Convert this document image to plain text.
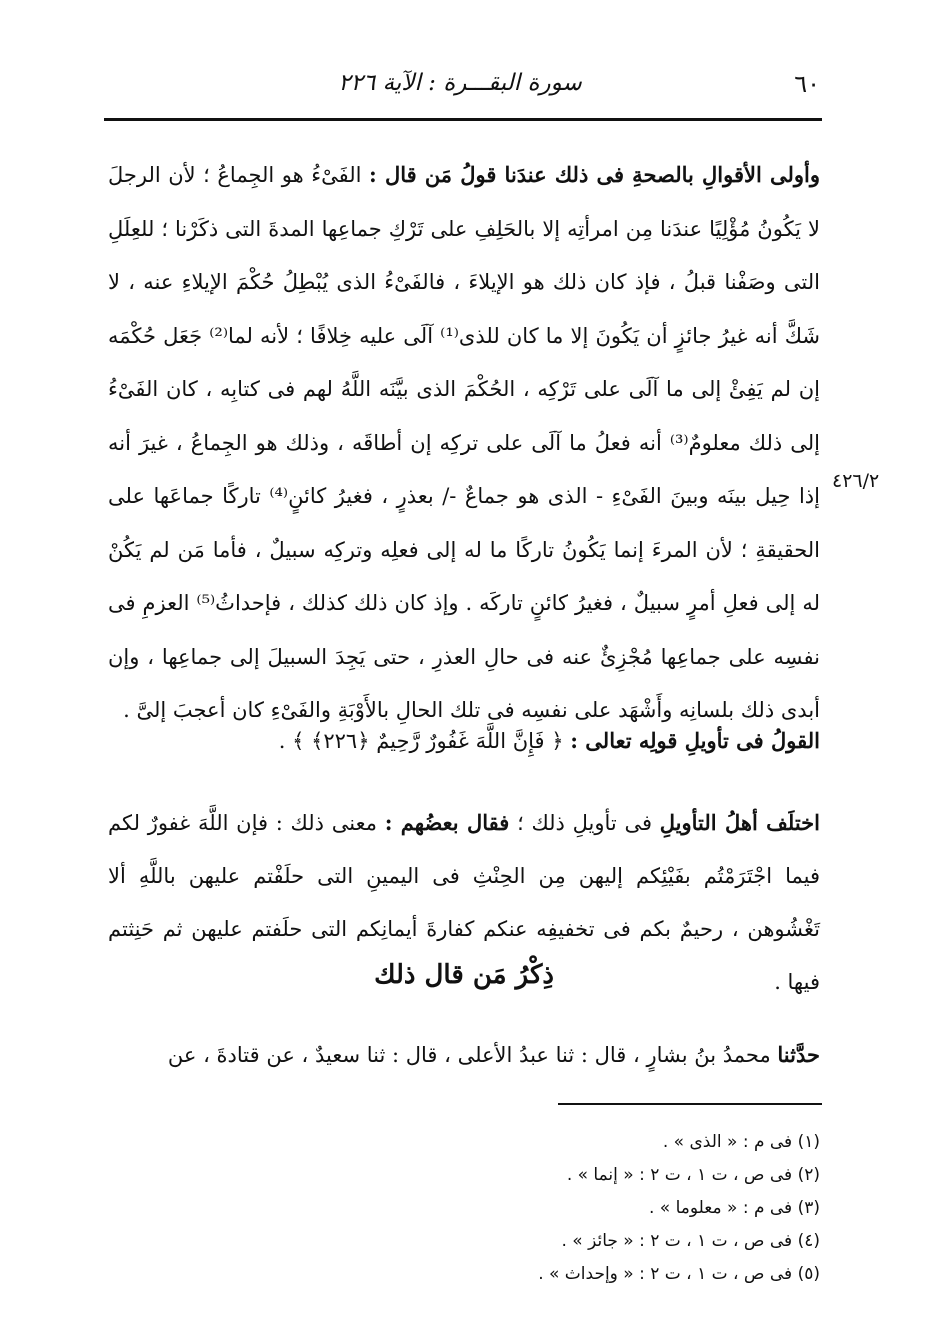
٦٠
سورة البقـــرة : الآية ٢٢٦

وأولى الأقوالِ بالصحةِ فى ذلك عندَنا قولُ مَن قال : الفَىْءُ هو الجِماعُ ؛ لأن الرجلَ لا يَكُونُ مُؤْلِيًا عندَنا مِن امرأتِه إلا بالحَلِفِ على تَرْكِ جماعِها المدةَ التى ذكَرْنا ؛ للعِلَلِ التى وصَفْنا قبلُ ، فإذ كان ذلك هو الإيلاءَ ، فالفَىْءُ الذى يُبْطِلُ حُكْمَ الإيلاءِ عنه ، لا شَكَّ أنه غيرُ جائزٍ أن يَكُونَ إلا ما كان للذى⁽¹⁾ آلَى عليه خِلافًا ؛ لأنه لما⁽²⁾ جَعَل حُكْمَه إن لم يَفِئْ إلى ما آلَى على تَرْكِه ، الحُكْمَ الذى بيَّنَه اللَّهُ لهم فى كتابِه ، كان الفَىْءُ إلى ذلك معلومٌ⁽³⁾ أنه فعلُ ما آلَى على تركِه إن أطاقَه ، وذلك هو الجِماعُ ، غيرَ أنه إذا حِيل بينَه وبينَ الفَىْءِ - الذى هو جماعٌ -/ بعذرٍ ، فغيرُ كائنٍ⁽⁴⁾ تاركًا جماعَها على الحقيقةِ ؛ لأن المرءَ إنما يَكُونُ تاركًا ما له إلى فعلِه وتركِه سبيلٌ ، فأما مَن لم يَكُنْ له إلى فعلِ أمرٍ سبيلٌ ، فغيرُ كائنٍ تاركَه . وإذ كان ذلك كذلك ، فإحداثُ⁽⁵⁾ العزمِ فى نفسِه على جماعِها مُجْزِئٌ عنه فى حالِ العذرِ ، حتى يَجِدَ السبيلَ إلى جماعِها ، وإن أبدى ذلك بلسانِه وأَشْهَد على نفسِه فى تلك الحالِ بالأَوْبَةِ والفَىْءِ كان أعجبَ إلىَّ .

٤٢٦/٢
القولُ فى تأويلِ قولِه تعالى : ﴿ فَإِنَّ اللَّهَ غَفُورٌ رَّحِيمٌ ﴿٢٢٦﴾ ﴾ .
اختلَف أهلُ التأويلِ فى تأويلِ ذلك ؛ فقال بعضُهم : معنى ذلك : فإن اللَّهَ غفورٌ لكم فيما اجْتَرَمْتُم بفَيْئِكم إليهن مِن الحِنْثِ فى اليمينِ التى حلَفْتم عليهن باللَّهِ ألا تَغْشُوهن ، رحيمٌ بكم فى تخفيفِه عنكم كفارةَ أيمانِكم التى حلَفتم عليهن ثم حَنِثتم فيها .
ذِكْرُ مَن قال ذلك
حدَّثنا محمدُ بنُ بشارٍ ، قال : ثنا عبدُ الأعلى ، قال : ثنا سعيدٌ ، عن قتادةَ ، عن
(١) فى م : « الذى » .
(٢) فى ص ، ت ١ ، ت ٢ : « إنما » .
(٣) فى م : « معلوما » .
(٤) فى ص ، ت ١ ، ت ٢ : « جائز » .
(٥) فى ص ، ت ١ ، ت ٢ : « وإحداث » .
